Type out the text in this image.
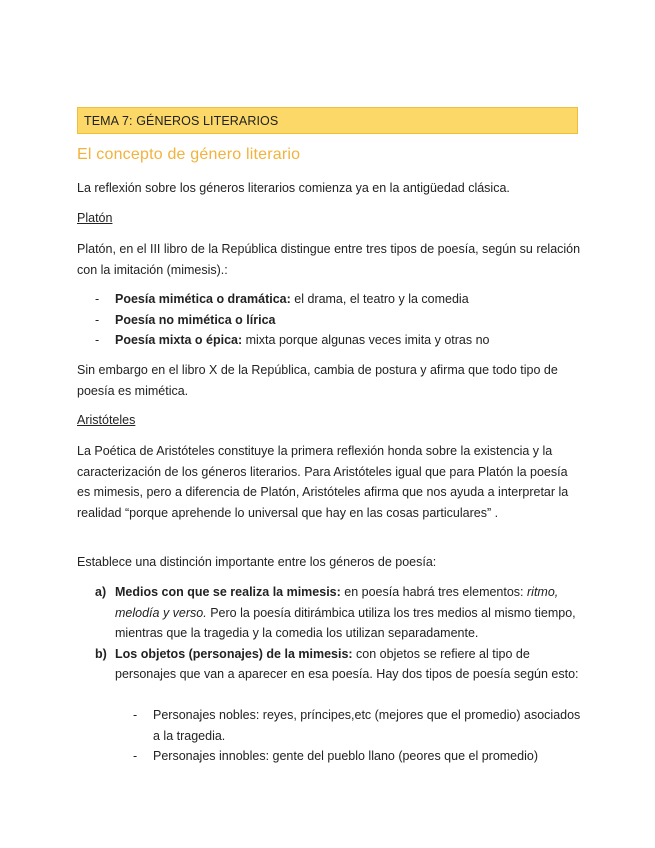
TEMA 7: GÉNEROS LITERARIOS
El concepto de género literario
La reflexión sobre los géneros literarios comienza ya en la antigüedad clásica.
Platón
Platón, en el III libro de la República distingue entre tres tipos de poesía, según su relación con la imitación (mimesis).:
- Poesía mimética o dramática: el drama, el teatro y la comedia
- Poesía no mimética o lírica
- Poesía mixta o épica: mixta porque algunas veces imita y otras no
Sin embargo en el libro X de la República, cambia de postura y afirma que todo tipo de poesía es mimética.
Aristóteles
La Poética de Aristóteles constituye la primera reflexión honda sobre la existencia y la caracterización de los géneros literarios. Para Aristóteles igual que para Platón la poesía es mimesis, pero a diferencia de Platón, Aristóteles afirma que nos ayuda a interpretar la realidad “porque aprehende lo universal que hay en las cosas particulares” .
Establece una distinción importante entre los géneros de poesía:
a) Medios con que se realiza la mimesis: en poesía habrá tres elementos: ritmo, melodía y verso. Pero la poesía ditirámbica utiliza los tres medios al mismo tiempo, mientras que la tragedia y la comedia los utilizan separadamente.
b) Los objetos (personajes) de la mimesis: con objetos se refiere al tipo de personajes que van a aparecer en esa poesía. Hay dos tipos de poesía según esto:
- Personajes nobles: reyes, príncipes,etc (mejores que el promedio) asociados a la tragedia.
- Personajes innobles: gente del pueblo llano (peores que el promedio)
